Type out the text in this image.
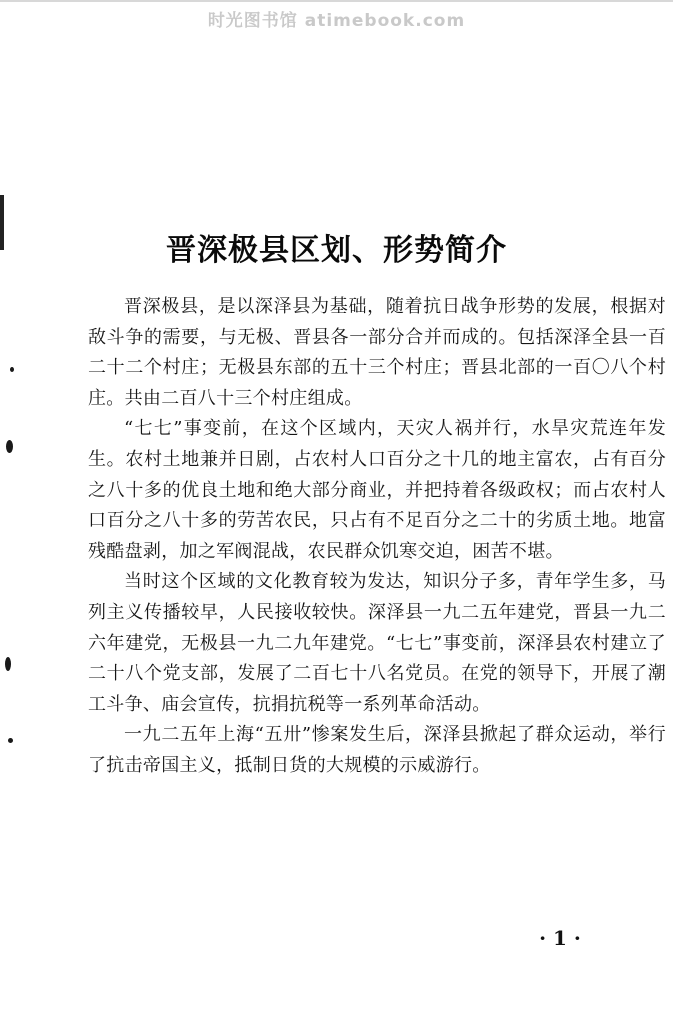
时光图书馆 atimebook.com
晋深极县区划、形势简介

晋深极县，是以深泽县为基础，随着抗日战争形势的发展，根据对敌斗争的需要，与无极、晋县各一部分合并而成的。包括深泽全县一百二十二个村庄；无极县东部的五十三个村庄；晋县北部的一百〇八个村庄。共由二百八十三个村庄组成。

“七七”事变前，在这个区域内，天灾人祸并行，水旱灾荒连年发生。农村土地兼并日剧，占农村人口百分之十几的地主富农，占有百分之八十多的优良土地和绝大部分商业，并把持着各级政权；而占农村人口百分之八十多的劳苦农民，只占有不足百分之二十的劣质土地。地富残酷盘剥，加之军阀混战，农民群众饥寒交迫，困苦不堪。

当时这个区域的文化教育较为发达，知识分子多，青年学生多，马列主义传播较早，人民接收较快。深泽县一九二五年建党，晋县一九二六年建党，无极县一九二九年建党。“七七”事变前，深泽县农村建立了二十八个党支部，发展了二百七十八名党员。在党的领导下，开展了潮工斗争、庙会宣传，抗捐抗税等一系列革命活动。

一九二五年上海“五卅”惨案发生后，深泽县掀起了群众运动，举行了抗击帝国主义，抵制日货的大规模的示威游行。

· 1 ·
